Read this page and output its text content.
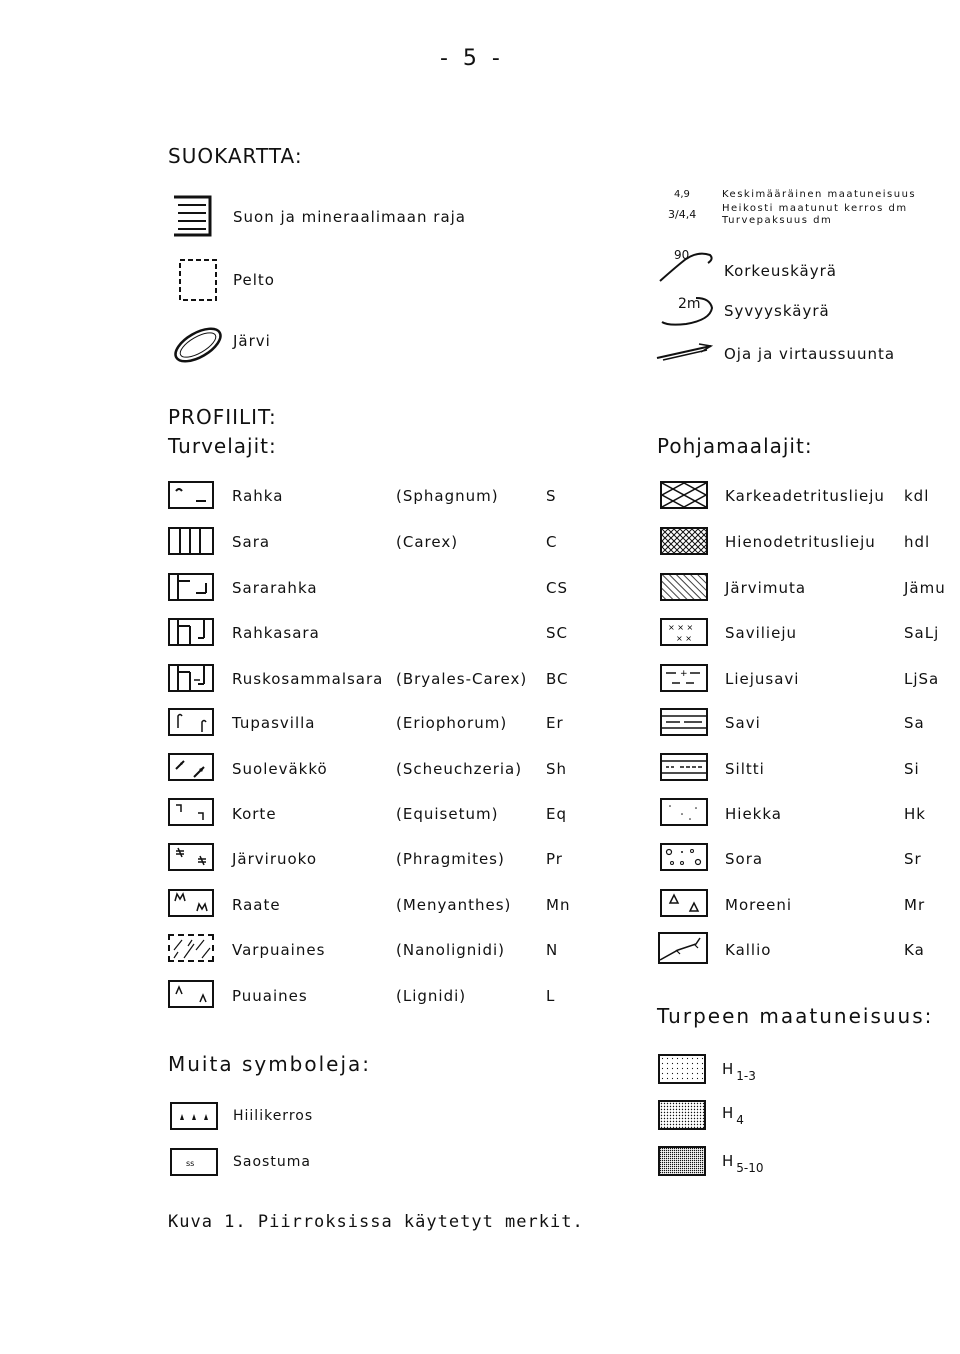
- 5 -
SUOKARTTA:
Suon ja mineraalimaan raja
Pelto
Järvi
4,9
3/4,4
Keskimääräinen maatuneisuus
Heikosti maatunut kerros dm
Turvepaksuus dm
90
Korkeuskäyrä
2m Syvyyskäyrä
Oja ja virtaussuunta
PROFIILIT:
Turvelajit:	Pohjamaalajit:
Rahka	(Sphagnum)	S
Sara	(Carex)	C
Sararahka	CS
Rahkasara	SC
Ruskosammalsara (Bryales-Carex) BC
Tupasvilla	(Eriophorum)	Er
Suoleväkkö	(Scheuchzeria) Sh
Korte	(Equisetum)	Eq
Järviruoko	(Phragmites)	Pr
Raate	(Menyanthes) Mn
Varpuaines	(Nanolignidi)	N
Puuaines	(Lignidi)	L
Karkeadetrituslieju kdl
Hienodetrituslieju hdl
Järvimuta	Jämu
× × ×
× × Savilieju	SaLj
+ Liejusavi	LjSa
Savi	Sa
Siltti	Si
Hiekka	Hk
Sora	Sr
Moreeni	Mr
Kallio	Ka
Turpeen maatuneisuus:
H $_{1-3}$
H $_4$
H $_{5-10}$
Muita symboleja:
Hiilikerros
ss	Saostuma
Kuva 1. Piirroksissa käytetyt merkit.
